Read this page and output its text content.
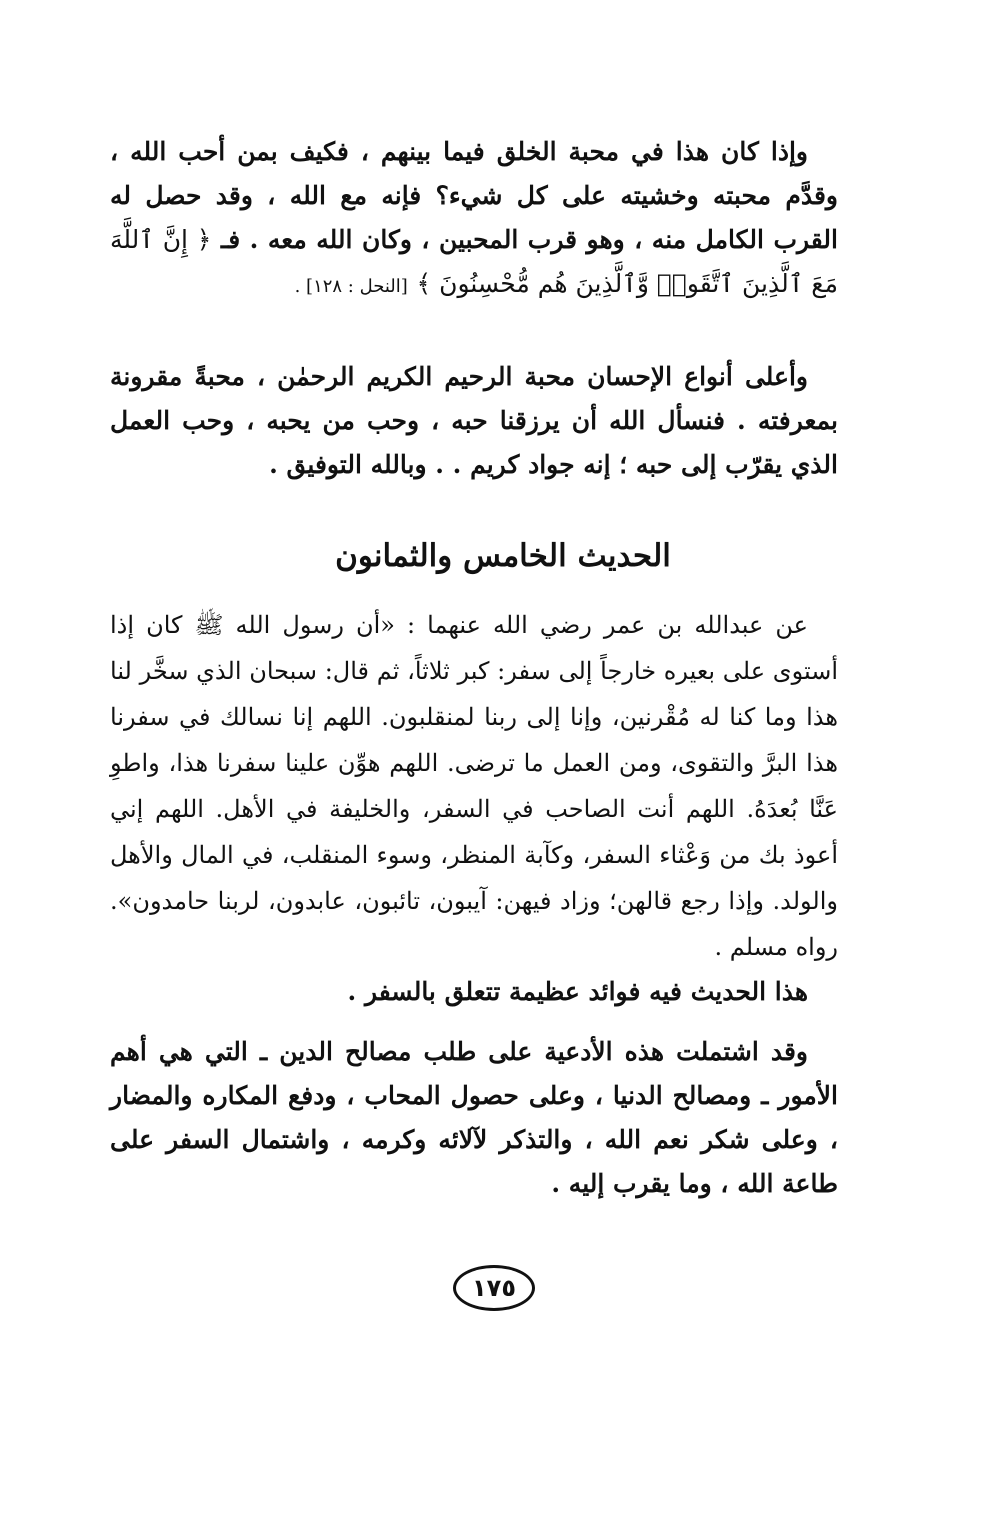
وإذا كان هذا في محبة الخلق فيما بينهم ، فكيف بمن أحب الله ، وقدَّم محبته وخشيته على كل شيء؟ فإنه مع الله ، وقد حصل له القرب الكامل منه ، وهو قرب المحبين ، وكان الله معه . فـ ﴿ إِنَّ ٱللَّهَ مَعَ ٱلَّذِينَ ٱتَّقَوا۟ وَّٱلَّذِينَ هُم مُّحْسِنُونَ ﴾ [النحل : ١٢٨] .
وأعلى أنواع الإحسان محبة الرحيم الكريم الرحمٰن ، محبةً مقرونة بمعرفته . فنسأل الله أن يرزقنا حبه ، وحب من يحبه ، وحب العمل الذي يقرّب إلى حبه ؛ إنه جواد كريم . . وبالله التوفيق .
الحديث الخامس والثمانون
عن عبدالله بن عمر رضي الله عنهما : «أن رسول الله ﷺ كان إذا أستوى على بعيره خارجاً إلى سفر: كبر ثلاثاً، ثم قال: سبحان الذي سخَّر لنا هذا وما كنا له مُقْرنين، وإنا إلى ربنا لمنقلبون. اللهم إنا نسالك في سفرنا هذا البرَّ والتقوى، ومن العمل ما ترضى. اللهم هوِّن علينا سفرنا هذا، واطوِ عَنَّا بُعدَهُ. اللهم أنت الصاحب في السفر، والخليفة في الأهل. اللهم إني أعوذ بك من وَعْثاء السفر، وكآبة المنظر، وسوء المنقلب، في المال والأهل والولد. وإذا رجع قالهن؛ وزاد فيهن: آيبون، تائبون، عابدون، لربنا حامدون». رواه مسلم .
هذا الحديث فيه فوائد عظيمة تتعلق بالسفر .
وقد اشتملت هذه الأدعية على طلب مصالح الدين ـ التي هي أهم الأمور ـ ومصالح الدنيا ، وعلى حصول المحاب ، ودفع المكاره والمضار ، وعلى شكر نعم الله ، والتذكر لآلائه وكرمه ، واشتمال السفر على طاعة الله ، وما يقرب إليه .
١٧٥
